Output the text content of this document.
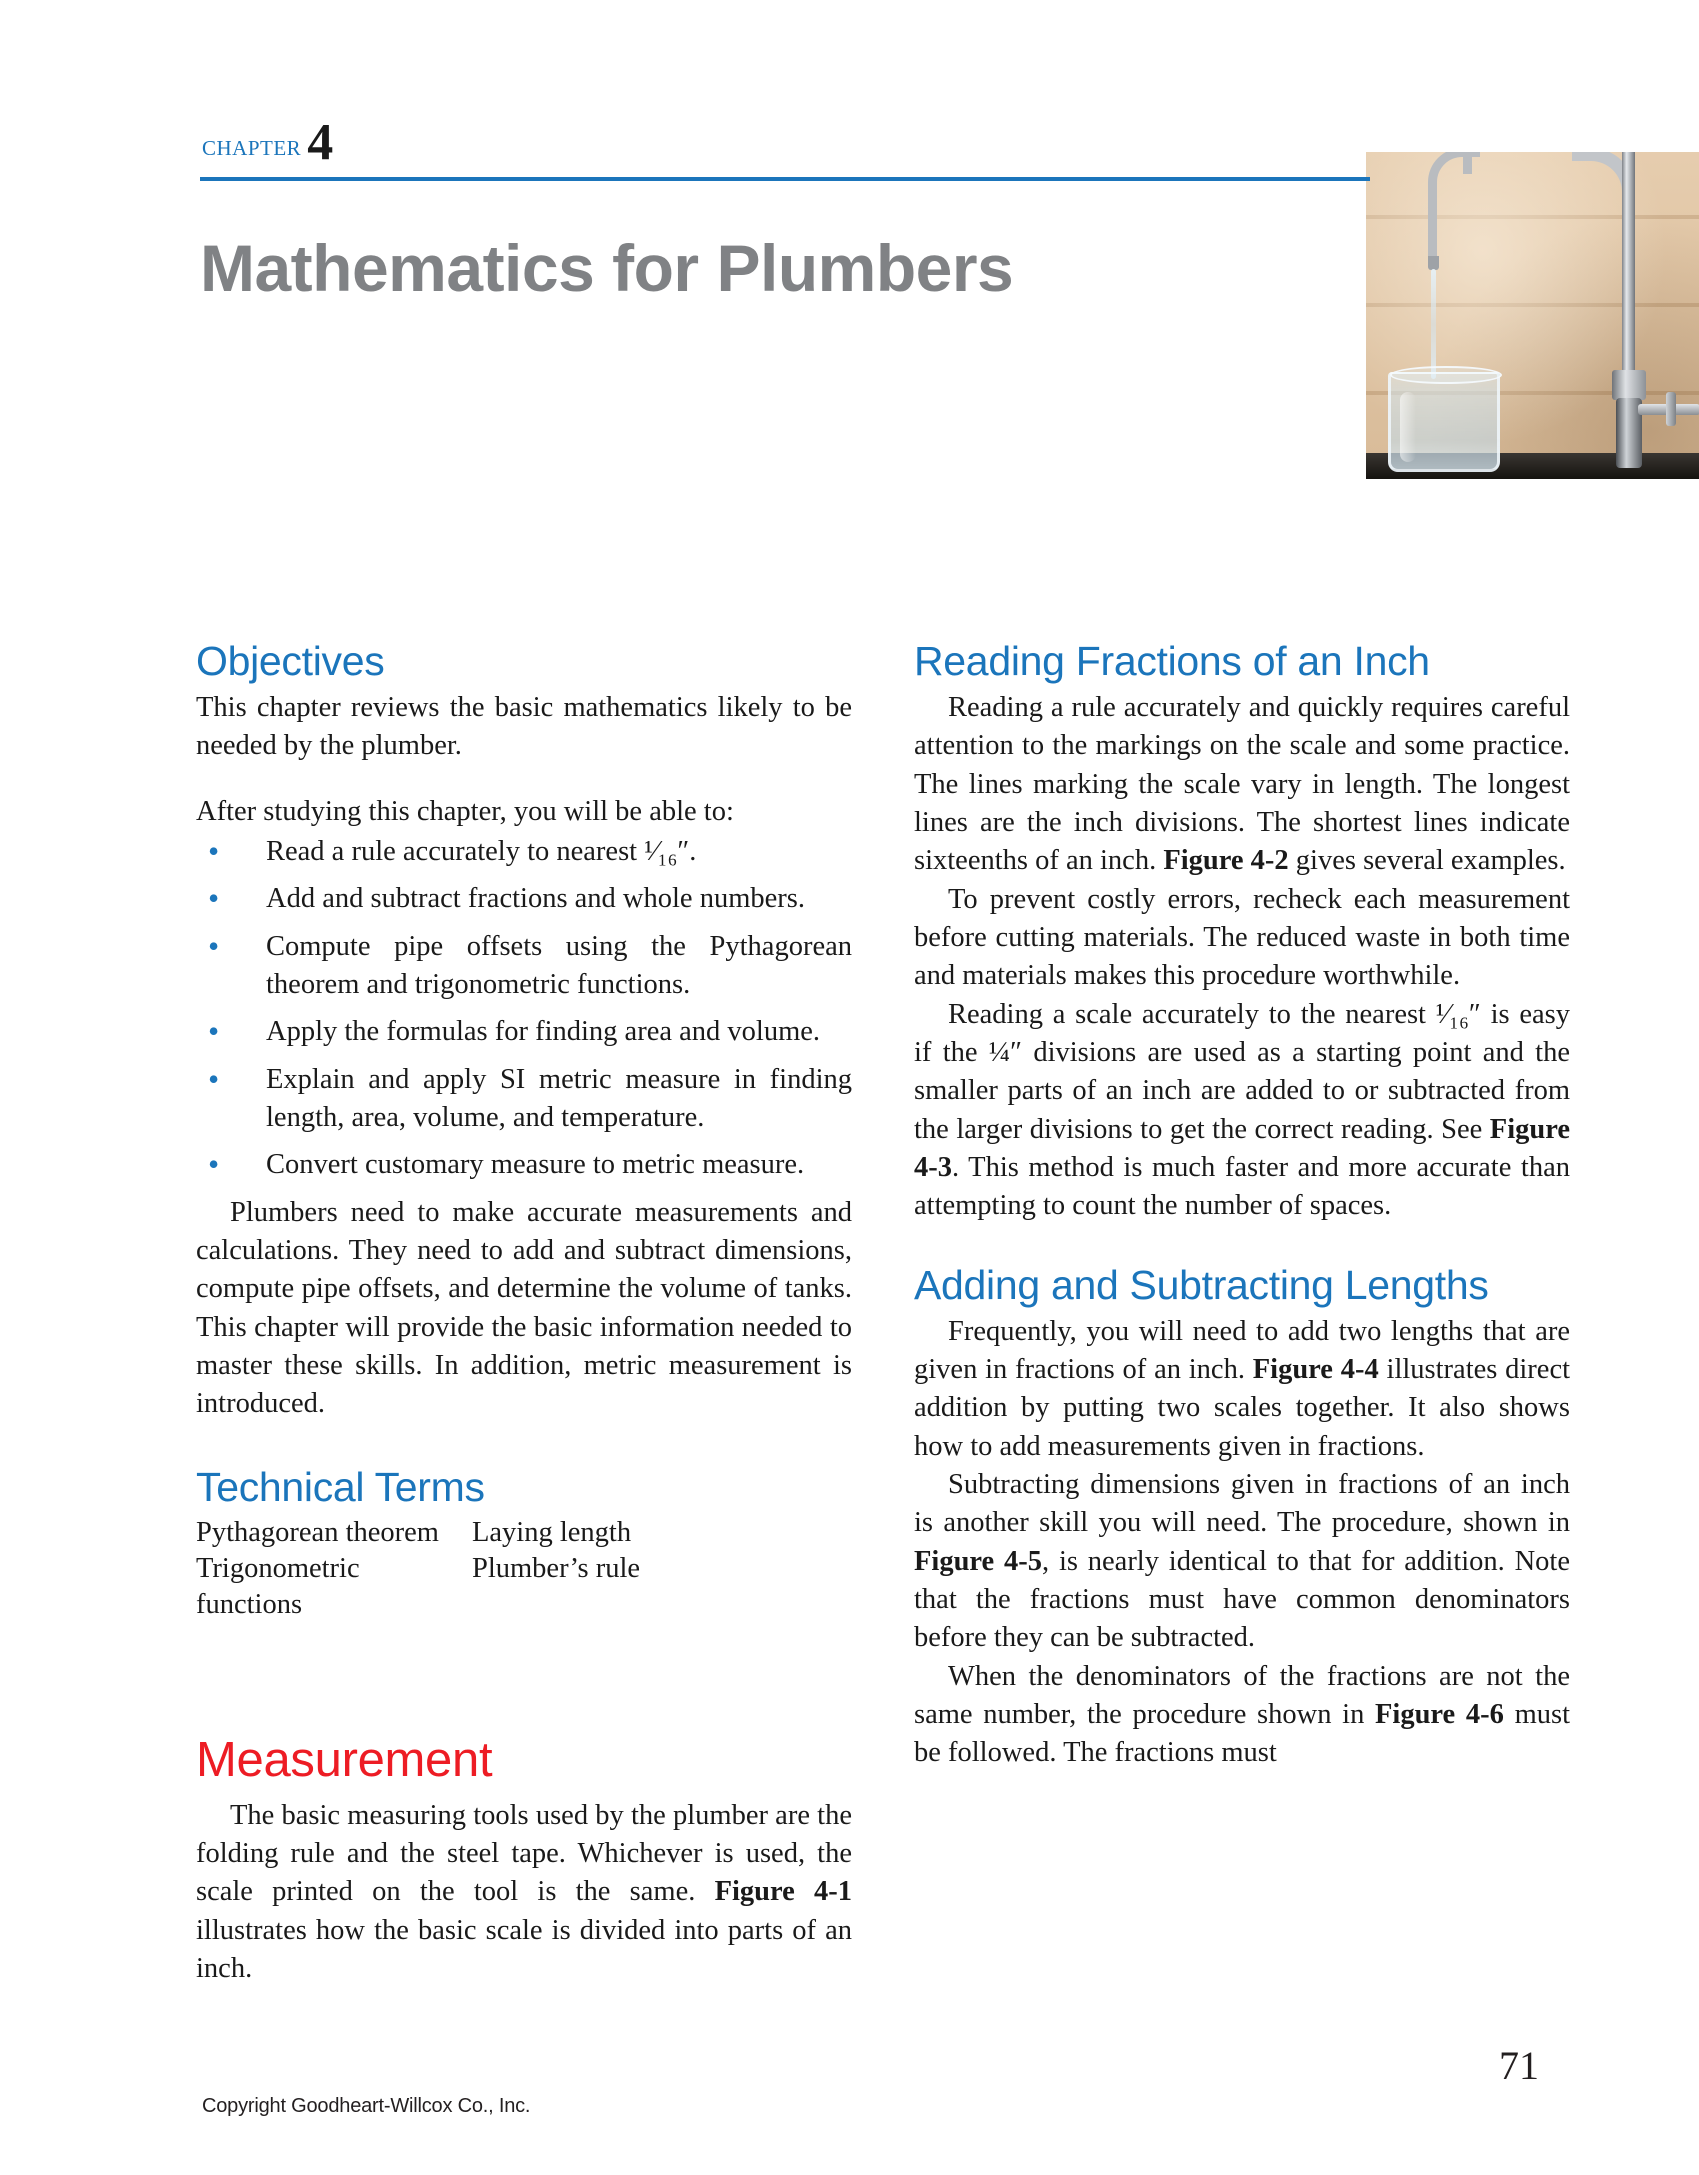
chapter 4
Mathematics for Plumbers
Objectives

This chapter reviews the basic mathematics likely to be needed by the plumber.

After studying this chapter, you will be able to:

• Read a rule accurately to nearest ¹⁄₁₆″.
• Add and subtract fractions and whole numbers.
• Compute pipe offsets using the Pythagorean theorem and trigonometric functions.
• Apply the formulas for finding area and volume.
• Explain and apply SI metric measure in finding length, area, volume, and temperature.
• Convert customary measure to metric measure.

Plumbers need to make accurate measurements and calculations. They need to add and subtract dimensions, compute pipe offsets, and determine the volume of tanks. This chapter will provide the basic information needed to master these skills. In addition, metric measurement is introduced.

Technical Terms
Pythagorean theorem	Laying length
Trigonometric functions	Plumber’s rule
Measurement

The basic measuring tools used by the plumber are the folding rule and the steel tape. Whichever is used, the scale printed on the tool is the same. Figure 4-1 illustrates how the basic scale is divided into parts of an inch.

Reading Fractions of an Inch

Reading a rule accurately and quickly requires careful attention to the markings on the scale and some practice. The lines marking the scale vary in length. The longest lines are the inch divisions. The shortest lines indicate sixteenths of an inch. Figure 4-2 gives several examples.

To prevent costly errors, recheck each measurement before cutting materials. The reduced waste in both time and materials makes this procedure worthwhile.

Reading a scale accurately to the nearest ¹⁄₁₆″ is easy if the ¼″ divisions are used as a starting point and the smaller parts of an inch are added to or subtracted from the larger divisions to get the correct reading. See Figure 4-3. This method is much faster and more accurate than attempting to count the number of spaces.

Adding and Subtracting Lengths

Frequently, you will need to add two lengths that are given in fractions of an inch. Figure 4-4 illustrates direct addition by putting two scales together. It also shows how to add measurements given in fractions.

Subtracting dimensions given in fractions of an inch is another skill you will need. The procedure, shown in Figure 4-5, is nearly identical to that for addition. Note that the fractions must have common denominators before they can be subtracted.

When the denominators of the fractions are not the same number, the procedure shown in Figure 4-6 must be followed. The fractions must

Copyright Goodheart-Willcox Co., Inc.
71
